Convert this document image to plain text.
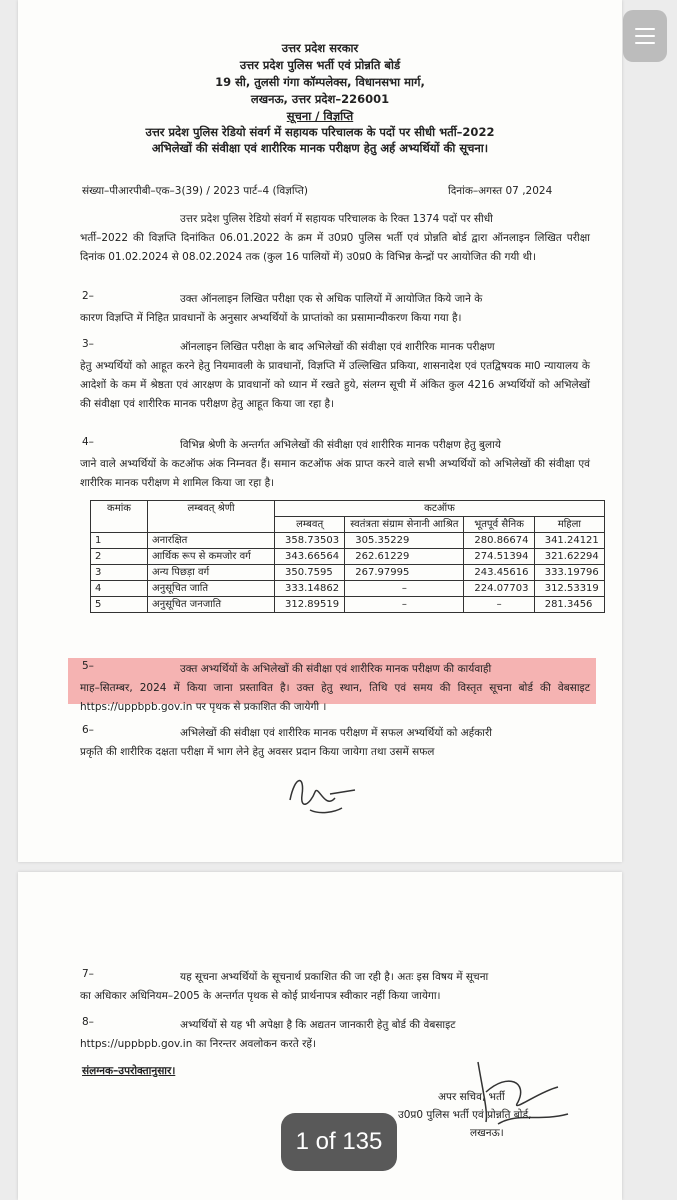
उत्तर प्रदेश सरकार
उत्तर प्रदेश पुलिस भर्ती एवं प्रोन्नति बोर्ड
19 सी, तुलसी गंगा कॉम्पलेक्स, विधानसभा मार्ग,
लखनऊ, उत्तर प्रदेश–226001
सूचना / विज्ञप्ति
उत्तर प्रदेश पुलिस रेडियो संवर्ग में सहायक परिचालक के पदों पर सीधी भर्ती–2022
अभिलेखों की संवीक्षा एवं शारीरिक मानक परीक्षण हेतु अर्ह अभ्यर्थियों की सूचना।
संख्या–पीआरपीबी–एक–3(39) / 2023 पार्ट–4 (विज्ञप्ति)	दिनांक–अगस्त 07 ,2024
उत्तर प्रदेश पुलिस रेडियो संवर्ग में सहायक परिचालक के रिक्त 1374 पदों पर सीधी
भर्ती–2022 की विज्ञप्ति दिनांकित 06.01.2022 के क्रम में उ0प्र0 पुलिस भर्ती एवं प्रोन्नति बोर्ड द्वारा ऑनलाइन लिखित परीक्षा दिनांक 01.02.2024 से 08.02.2024 तक (कुल 16 पालियों में) उ0प्र0 के विभिन्न केन्द्रों पर आयोजित की गयी थी।
2–	उक्त ऑनलाइन लिखित परीक्षा एक से अधिक पालियों में आयोजित किये जाने के
कारण विज्ञप्ति में निहित प्रावधानों के अनुसार अभ्यर्थियों के प्राप्तांको का प्रसामान्यीकरण किया गया है।
3–	ऑनलाइन लिखित परीक्षा के बाद अभिलेखों की संवीक्षा एवं शारीरिक मानक परीक्षण
हेतु अभ्यर्थियों को आहूत करने हेतु नियमावली के प्रावधानों, विज्ञप्ति में उल्लिखित प्रकिया, शासनादेश एवं एतद्विषयक मा0 न्यायालय के आदेशों के कम में श्रेष्ठता एवं आरक्षण के प्रावधानों को ध्यान में रखते हुये, संलग्न सूची में अंकित कुल 4216 अभ्यर्थियों को अभिलेखों की संवीक्षा एवं शारीरिक मानक परीक्षण हेतु आहूत किया जा रहा है।
4–	विभिन्न श्रेणी के अन्तर्गत अभिलेखों की संवीक्षा एवं शारीरिक मानक परीक्षण हेतु बुलाये
जाने वाले अभ्यर्थियों के कटऑफ अंक निम्नवत हैं। समान कटऑफ अंक प्राप्त करने वाले सभी अभ्यर्थियों को अभिलेखों की संवीक्षा एवं शारीरिक मानक परीक्षण मे शामिल किया जा रहा है।
कमांक	लम्बवत् श्रेणी	कटऑफ			
		लम्बवत्	स्वतंत्रता संग्राम सेनानी आश्रित	भूतपूर्व सैनिक	महिला
1	अनारक्षित	358.73503	305.35229	280.86674	341.24121
2	आर्थिक रूप से कमजोर वर्ग	343.66564	262.61229	274.51394	321.62294
3	अन्य पिछड़ा वर्ग	350.7595	267.97995	243.45616	333.19796
4	अनुसूचित जाति	333.14862	–	224.07703	312.53319
5	अनुसूचित जनजाति	312.89519	–	–	281.3456
5–	उक्त अभ्यर्थियों के अभिलेखों की संवीक्षा एवं शारीरिक मानक परीक्षण की कार्यवाही
माह–सितम्बर, 2024 में किया जाना प्रस्तावित है। उक्त हेतु स्थान, तिथि एवं समय की विस्तृत सूचना बोर्ड की वेबसाइट https://uppbpb.gov.in पर पृथक से प्रकाशित की जायेगी ।
6–	अभिलेखों की संवीक्षा एवं शारीरिक मानक परीक्षण में सफल अभ्यर्थियों को अर्हकारी
प्रकृति की शारीरिक दक्षता परीक्षा में भाग लेने हेतु अवसर प्रदान किया जायेगा तथा उसमें सफल
7–	यह सूचना अभ्यर्थियों के सूचनार्थ प्रकाशित की जा रही है। अतः इस विषय में सूचना
का अधिकार अधिनियम–2005 के अन्तर्गत पृथक से कोई प्रार्थनापत्र स्वीकार नहीं किया जायेगा।
8–	अभ्यर्थियों से यह भी अपेक्षा है कि अद्यतन जानकारी हेतु बोर्ड की वेबसाइट
https://uppbpb.gov.in का निरन्तर अवलोकन करते रहें।
संलग्नक–उपरोक्तानुसार।
अपर सचिव, भर्ती
उ0प्र0 पुलिस भर्ती एवं प्रोन्नति बोर्ड,
लखनऊ।
1 of 135
